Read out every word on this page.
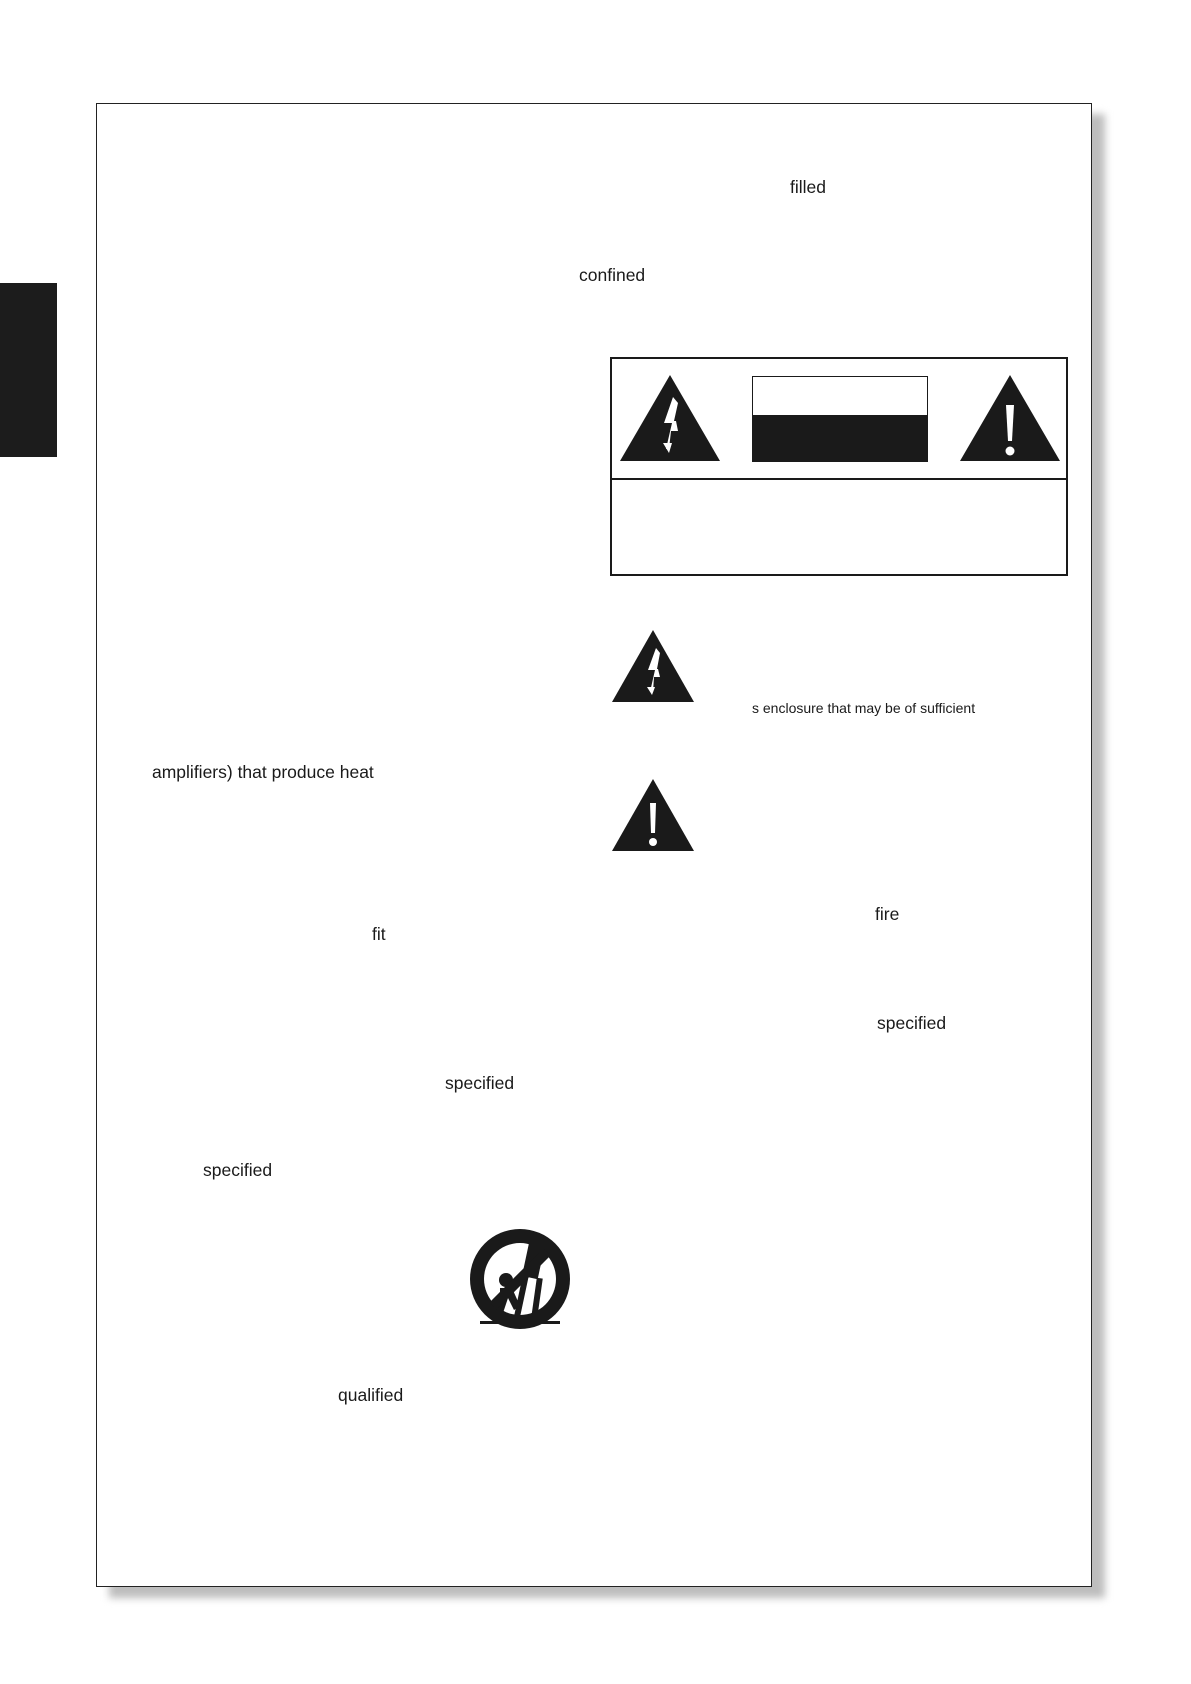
filled
confined
amplifiers) that produce heat
s enclosure that may be of sufficient
fire
fit
specified
specified
specified
qualified
